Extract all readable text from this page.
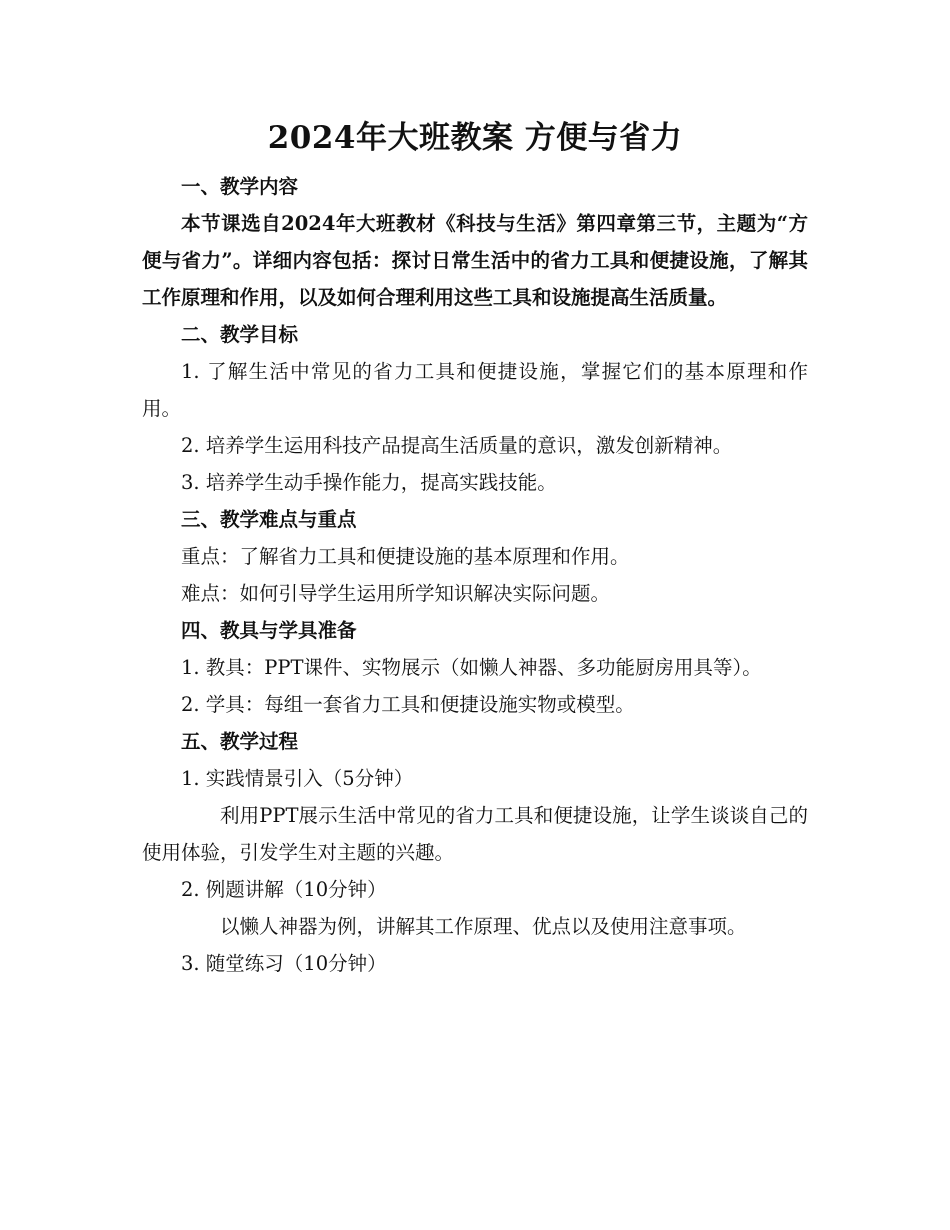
2024年大班教案 方便与省力

一、教学内容

本节课选自2024年大班教材《科技与生活》第四章第三节，主题为“方便与省力”。详细内容包括：探讨日常生活中的省力工具和便捷设施，了解其工作原理和作用，以及如何合理利用这些工具和设施提高生活质量。

二、教学目标

1. 了解生活中常见的省力工具和便捷设施，掌握它们的基本原理和作用。

2. 培养学生运用科技产品提高生活质量的意识，激发创新精神。

3. 培养学生动手操作能力，提高实践技能。

三、教学难点与重点

重点：了解省力工具和便捷设施的基本原理和作用。

难点：如何引导学生运用所学知识解决实际问题。

四、教具与学具准备

1. 教具：PPT课件、实物展示（如懒人神器、多功能厨房用具等）。

2. 学具：每组一套省力工具和便捷设施实物或模型。

五、教学过程

1. 实践情景引入（5分钟）

利用PPT展示生活中常见的省力工具和便捷设施，让学生谈谈自己的使用体验，引发学生对主题的兴趣。

2. 例题讲解（10分钟）

以懒人神器为例，讲解其工作原理、优点以及使用注意事项。

3. 随堂练习（10分钟）
